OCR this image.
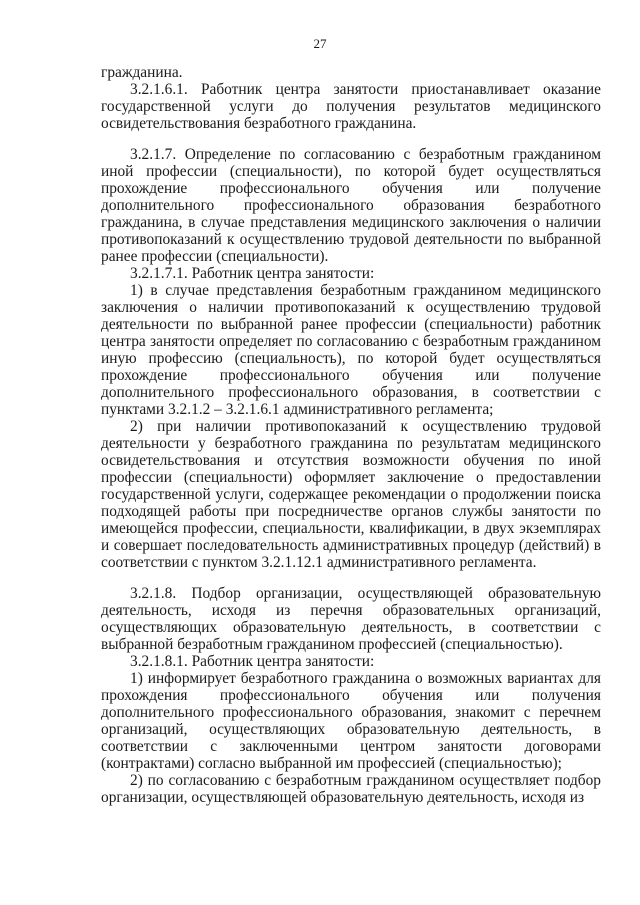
27

гражданина.

3.2.1.6.1. Работник центра занятости приостанавливает оказание государственной услуги до получения результатов медицинского освидетельствования безработного гражданина.

3.2.1.7. Определение по согласованию с безработным гражданином иной профессии (специальности), по которой будет осуществляться прохождение профессионального обучения или получение дополнительного профессионального образования безработного гражданина, в случае представления медицинского заключения о наличии противопоказаний к осуществлению трудовой деятельности по выбранной ранее профессии (специальности).

3.2.1.7.1. Работник центра занятости:

1) в случае представления безработным гражданином медицинского заключения о наличии противопоказаний к осуществлению трудовой деятельности по выбранной ранее профессии (специальности) работник центра занятости определяет по согласованию с безработным гражданином иную профессию (специальность), по которой будет осуществляться прохождение профессионального обучения или получение дополнительного профессионального образования, в соответствии с пунктами 3.2.1.2 – 3.2.1.6.1 административного регламента;

2) при наличии противопоказаний к осуществлению трудовой деятельности у безработного гражданина по результатам медицинского освидетельствования и отсутствия возможности обучения по иной профессии (специальности) оформляет заключение о предоставлении государственной услуги, содержащее рекомендации о продолжении поиска подходящей работы при посредничестве органов службы занятости по имеющейся профессии, специальности, квалификации, в двух экземплярах и совершает последовательность административных процедур (действий) в соответствии с пунктом 3.2.1.12.1 административного регламента.

3.2.1.8. Подбор организации, осуществляющей образовательную деятельность, исходя из перечня образовательных организаций, осуществляющих образовательную деятельность, в соответствии с выбранной безработным гражданином профессией (специальностью).

3.2.1.8.1. Работник центра занятости:

1) информирует безработного гражданина о возможных вариантах для прохождения профессионального обучения или получения дополнительного профессионального образования, знакомит с перечнем организаций, осуществляющих образовательную деятельность, в соответствии с заключенными центром занятости договорами (контрактами) согласно выбранной им профессией (специальностью);

2) по согласованию с безработным гражданином осуществляет подбор организации, осуществляющей образовательную деятельность, исходя из
